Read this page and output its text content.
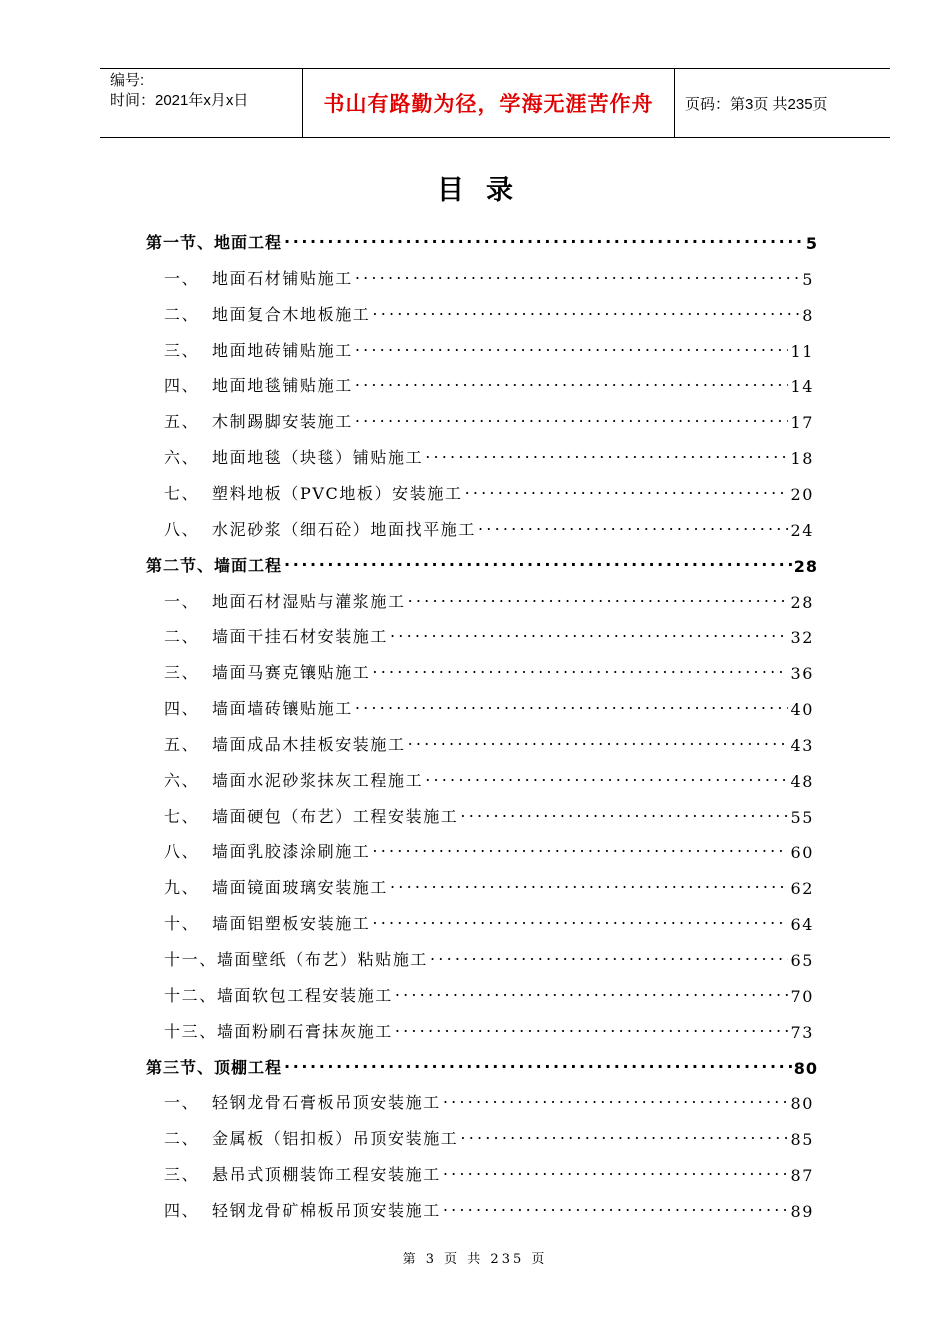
编号:
时间：2021年x月x日	书山有路勤为径，学海无涯苦作舟	页码：第3页 共235页
目录
第一节、地面工程 .....	5
一、 地面石材铺贴施工 .....	5
二、 地面复合木地板施工 .....	8
三、 地面地砖铺贴施工 .....	11
四、 地面地毯铺贴施工 .....	14
五、 木制踢脚安装施工 .....	17
六、 地面地毯（块毯）铺贴施工 .....	18
七、 塑料地板（PVC地板）安装施工 .....	20
八、 水泥砂浆（细石砼）地面找平施工 .....	24
第二节、墙面工程 .....	28
一、 地面石材湿贴与灌浆施工 .....	28
二、 墙面干挂石材安装施工 .....	32
三、 墙面马赛克镶贴施工 .....	36
四、 墙面墙砖镶贴施工 .....	40
五、 墙面成品木挂板安装施工 .....	43
六、 墙面水泥砂浆抹灰工程施工 .....	48
七、 墙面硬包（布艺）工程安装施工 .....	55
八、 墙面乳胶漆涂刷施工 .....	60
九、 墙面镜面玻璃安装施工 .....	62
十、 墙面铝塑板安装施工 .....	64
十一、 墙面壁纸（布艺）粘贴施工 .....	65
十二、 墙面软包工程安装施工 .....	70
十三、 墙面粉刷石膏抹灰施工 .....	73
第三节、顶棚工程 .....	80
一、 轻钢龙骨石膏板吊顶安装施工 .....	80
二、 金属板（铝扣板）吊顶安装施工 .....	85
三、 悬吊式顶棚装饰工程安装施工 .....	87
四、 轻钢龙骨矿棉板吊顶安装施工 .....	89
第 3 页 共 235 页
